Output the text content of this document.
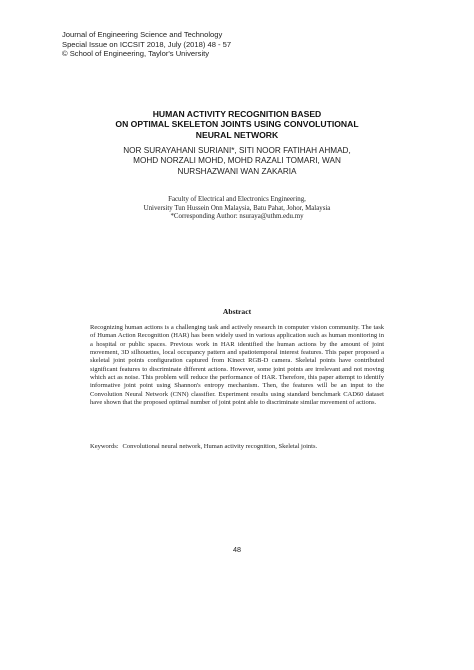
Journal of Engineering Science and Technology
Special Issue on ICCSIT 2018, July (2018) 48 - 57
© School of Engineering, Taylor's University
HUMAN ACTIVITY RECOGNITION BASED
ON OPTIMAL SKELETON JOINTS USING CONVOLUTIONAL
NEURAL NETWORK
NOR SURAYAHANI SURIANI*, SITI NOOR FATIHAH AHMAD,
MOHD NORZALI MOHD, MOHD RAZALI TOMARI, WAN
NURSHAZWANI WAN ZAKARIA
Faculty of Electrical and Electronics Engineering,
University Tun Hussein Onn Malaysia, Batu Pahat, Johor, Malaysia
*Corresponding Author: nsuraya@uthm.edu.my
Abstract
Recognizing human actions is a challenging task and actively research in computer vision community. The task of Human Action Recognition (HAR) has been widely used in various application such as human monitoring in a hospital or public spaces. Previous work in HAR identified the human actions by the amount of joint movement, 3D silhouettes, local occupancy pattern and spatiotemporal interest features. This paper proposed a skeletal joint points configuration captured from Kinect RGB-D camera. Skeletal points have contributed significant features to discriminate different actions. However, some joint points are irrelevant and not moving which act as noise. This problem will reduce the performance of HAR. Therefore, this paper attempt to identify informative joint point using Shannon's entropy mechanism. Then, the features will be an input to the Convolution Neural Network (CNN) classifier. Experiment results using standard benchmark CAD60 dataset have shown that the proposed optimal number of joint point able to discriminate similar movement of actions.
Keywords: Convolutional neural network, Human activity recognition, Skeletal joints.
48
